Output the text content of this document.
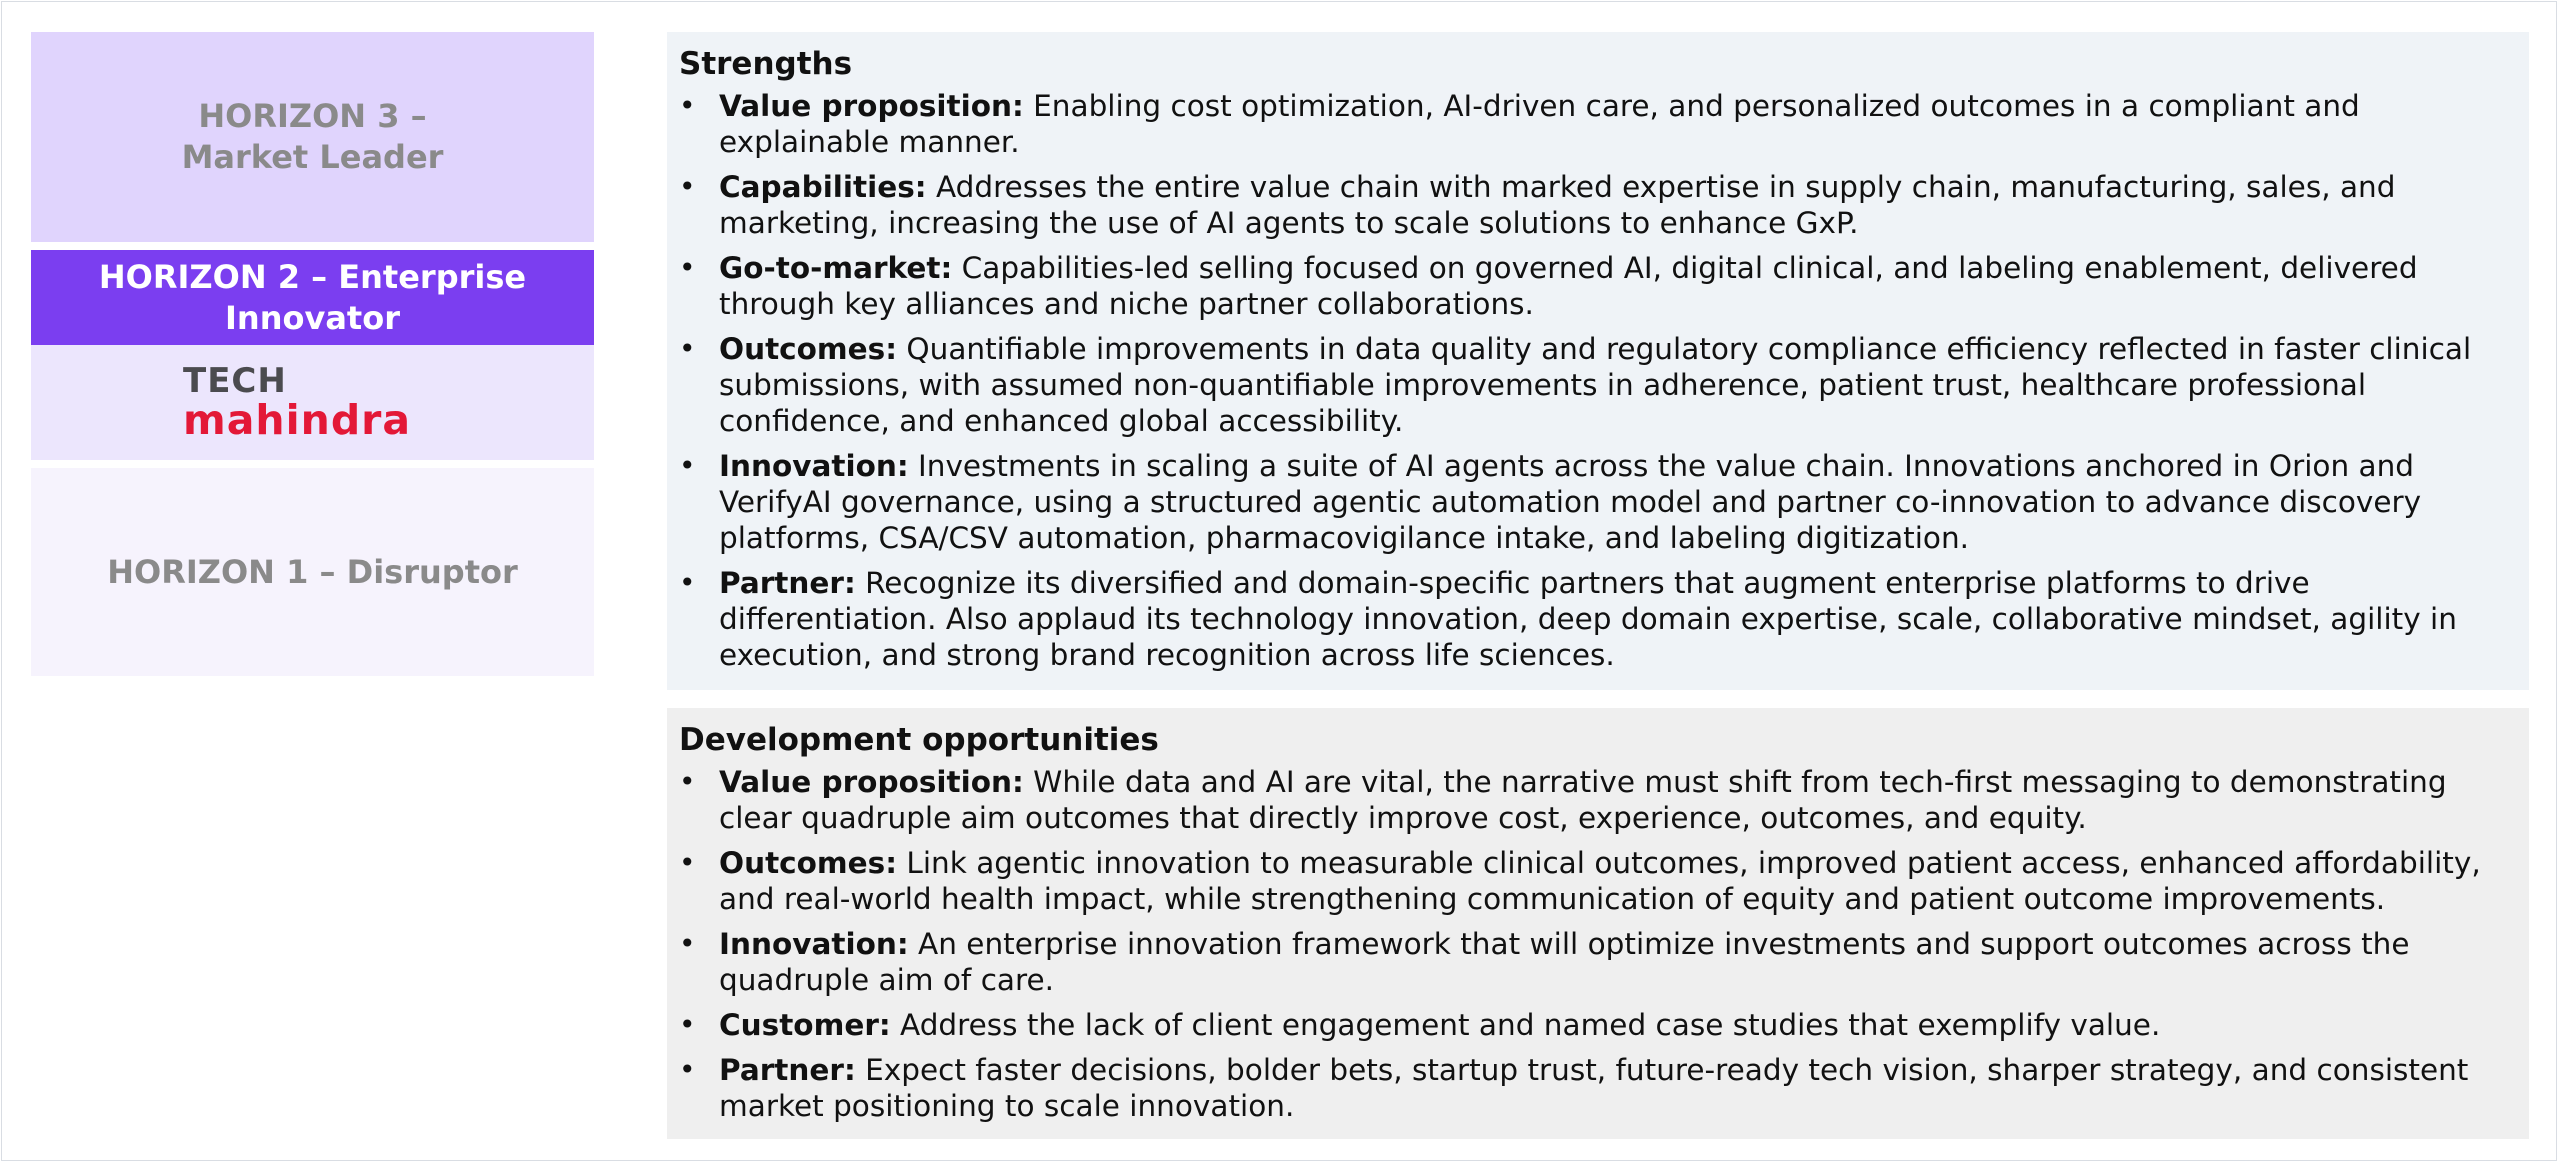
HORIZON 3 –
Market Leader
HORIZON 2 – Enterprise
Innovator
TECH
mahindra
HORIZON 1 – Disruptor
Strengths
• Value proposition: Enabling cost optimization, AI-driven care, and personalized outcomes in a compliant and explainable manner.
• Capabilities: Addresses the entire value chain with marked expertise in supply chain, manufacturing, sales, and marketing, increasing the use of AI agents to scale solutions to enhance GxP.
• Go-to-market: Capabilities-led selling focused on governed AI, digital clinical, and labeling enablement, delivered through key alliances and niche partner collaborations.
• Outcomes: Quantifiable improvements in data quality and regulatory compliance efficiency reflected in faster clinical submissions, with assumed non-quantifiable improvements in adherence, patient trust, healthcare professional confidence, and enhanced global accessibility.
• Innovation: Investments in scaling a suite of AI agents across the value chain. Innovations anchored in Orion and VerifyAI governance, using a structured agentic automation model and partner co-innovation to advance discovery platforms, CSA/CSV automation, pharmacovigilance intake, and labeling digitization.
• Partner: Recognize its diversified and domain-specific partners that augment enterprise platforms to drive differentiation. Also applaud its technology innovation, deep domain expertise, scale, collaborative mindset, agility in execution, and strong brand recognition across life sciences.
Development opportunities
• Value proposition: While data and AI are vital, the narrative must shift from tech-first messaging to demonstrating clear quadruple aim outcomes that directly improve cost, experience, outcomes, and equity.
• Outcomes: Link agentic innovation to measurable clinical outcomes, improved patient access, enhanced affordability, and real-world health impact, while strengthening communication of equity and patient outcome improvements.
• Innovation: An enterprise innovation framework that will optimize investments and support outcomes across the quadruple aim of care.
• Customer: Address the lack of client engagement and named case studies that exemplify value.
• Partner: Expect faster decisions, bolder bets, startup trust, future-ready tech vision, sharper strategy, and consistent market positioning to scale innovation.
